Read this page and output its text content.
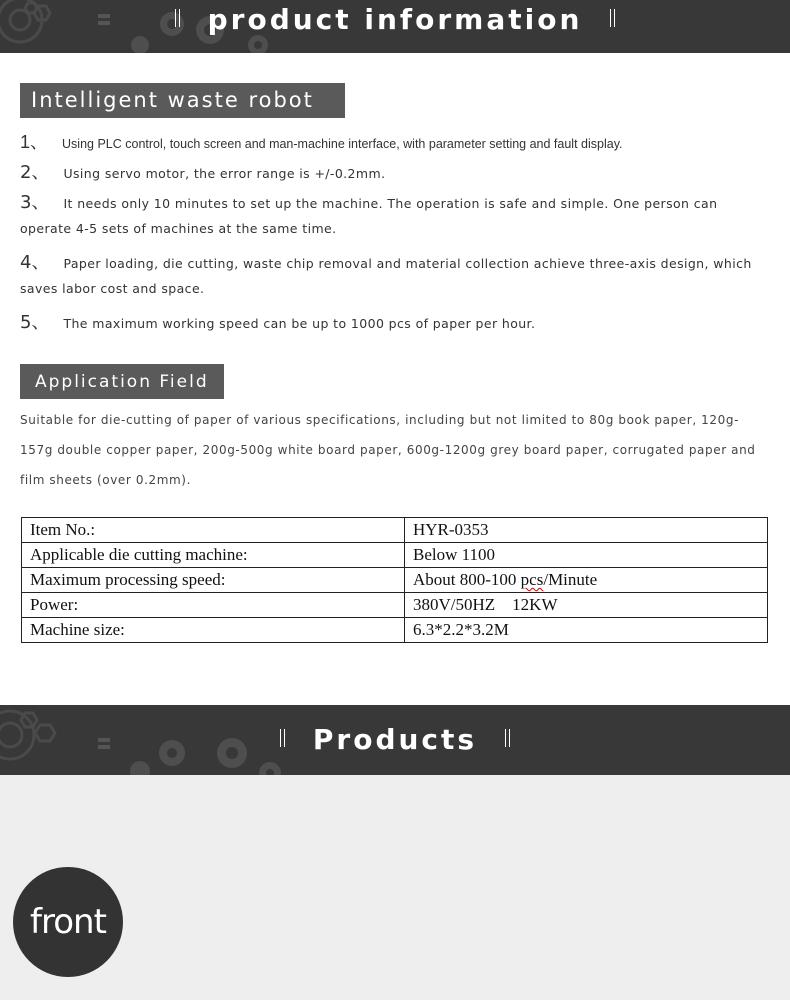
product information
Intelligent waste robot
1、 Using PLC control, touch screen and man-machine interface, with parameter setting and fault display.
2、 Using servo motor, the error range is +/-0.2mm.
3、 It needs only 10 minutes to set up the machine. The operation is safe and simple. One person can operate 4-5 sets of machines at the same time.
4、 Paper loading, die cutting, waste chip removal and material collection achieve three-axis design, which saves labor cost and space.
5、 The maximum working speed can be up to 1000 pcs of paper per hour.
Application Field
Suitable for die-cutting of paper of various specifications, including but not limited to 80g book paper, 120g-157g double copper paper, 200g-500g white board paper, 600g-1200g grey board paper, corrugated paper and film sheets (over 0.2mm).
Item No.:	HYR-0353
Applicable die cutting machine:	Below 1100
Maximum processing speed:	About 800-100 pcs/Minute
Power:	380V/50HZ    12KW
Machine size:	6.3*2.2*3.2M
Products
front
